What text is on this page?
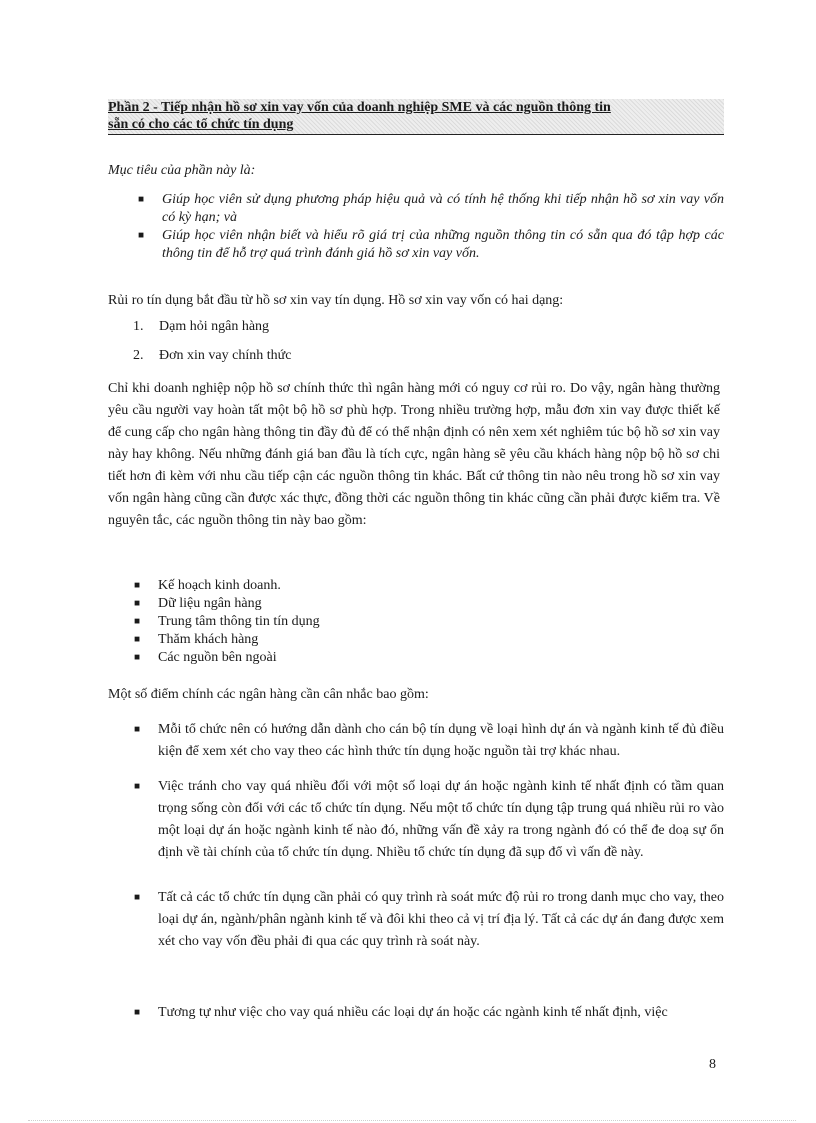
Phần 2 - Tiếp nhận hồ sơ xin vay vốn của doanh nghiệp SME và các nguồn thông tin
sẵn có cho các tổ chức tín dụng
Mục tiêu của phần này là:
■ Giúp học viên sử dụng phương pháp hiệu quả và có tính hệ thống khi tiếp nhận hồ sơ xin vay vốn có kỳ hạn; và
■ Giúp học viên nhận biết và hiểu rõ giá trị của những nguồn thông tin có sẵn qua đó tập hợp các thông tin để hỗ trợ quá trình đánh giá hồ sơ xin vay vốn.
Rủi ro tín dụng bắt đầu từ hồ sơ xin vay tín dụng. Hồ sơ xin vay vốn có hai dạng:
1. Dạm hỏi ngân hàng
2. Đơn xin vay chính thức
Chỉ khi doanh nghiệp nộp hồ sơ chính thức thì ngân hàng mới có nguy cơ rủi ro. Do vậy, ngân hàng thường yêu cầu người vay hoàn tất một bộ hồ sơ phù hợp. Trong nhiều trường hợp, mẫu đơn xin vay được thiết kế để cung cấp cho ngân hàng thông tin đầy đủ để có thể nhận định có nên xem xét nghiêm túc bộ hồ sơ xin vay này hay không. Nếu những đánh giá ban đầu là tích cực, ngân hàng sẽ yêu cầu khách hàng nộp bộ hồ sơ chi tiết hơn đi kèm với nhu cầu tiếp cận các nguồn thông tin khác. Bất cứ thông tin nào nêu trong hồ sơ xin vay vốn ngân hàng cũng cần được xác thực, đồng thời các nguồn thông tin khác cũng cần phải được kiểm tra. Về nguyên tắc, các nguồn thông tin này bao gồm:
■ Kế hoạch kinh doanh.
■ Dữ liệu ngân hàng
■ Trung tâm thông tin tín dụng
■ Thăm khách hàng
■ Các nguồn bên ngoài
Một số điểm chính các ngân hàng cần cân nhắc bao gồm:
■ Mỗi tổ chức nên có hướng dẫn dành cho cán bộ tín dụng về loại hình dự án và ngành kinh tế đủ điều kiện để xem xét cho vay theo các hình thức tín dụng hoặc nguồn tài trợ khác nhau.
■ Việc tránh cho vay quá nhiều đối với một số loại dự án hoặc ngành kinh tế nhất định có tầm quan trọng sống còn đối với các tổ chức tín dụng. Nếu một tổ chức tín dụng tập trung quá nhiều rủi ro vào một loại dự án hoặc ngành kinh tế nào đó, những vấn đề xảy ra trong ngành đó có thể đe doạ sự ổn định về tài chính của tổ chức tín dụng. Nhiều tổ chức tín dụng đã sụp đổ vì vấn đề này.
■ Tất cả các tổ chức tín dụng cần phải có quy trình rà soát mức độ rủi ro trong danh mục cho vay, theo loại dự án, ngành/phân ngành kinh tế và đôi khi theo cả vị trí địa lý. Tất cả các dự án đang được xem xét cho vay vốn đều phải đi qua các quy trình rà soát này.
■ Tương tự như việc cho vay quá nhiều các loại dự án hoặc các ngành kinh tế nhất định, việc
8
